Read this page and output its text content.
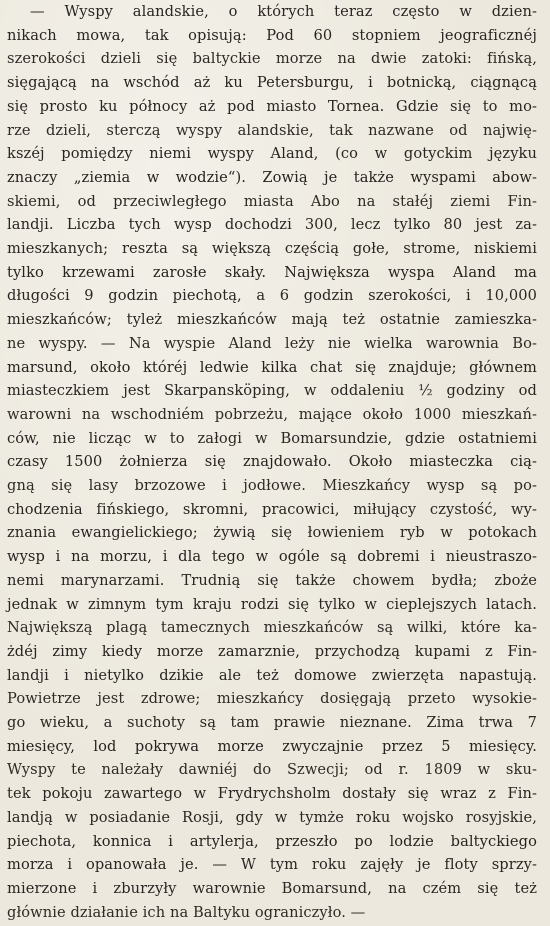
— Wyspy alandskie, o których teraz często w dzien-
nikach mowa, tak opisują: Pod 60 stopniem jeograficznéj
szerokości dzieli się baltyckie morze na dwie zatoki: fińską,
sięgającą na wschód aż ku Petersburgu, i botnicką, ciągnącą
się prosto ku północy aż pod miasto Tornea. Gdzie się to mo-
rze dzieli, sterczą wyspy alandskie, tak nazwane od najwię-
kszéj pomiędzy niemi wyspy Aland, (co w gotyckim języku
znaczy „ziemia w wodzie“). Zowią je także wyspami abow-
skiemi, od przeciwległego miasta Abo na stałéj ziemi Fin-
landji. Liczba tych wysp dochodzi 300, lecz tylko 80 jest za-
mieszkanych; reszta są większą częścią gołe, strome, niskiemi
tylko krzewami zarosłe skały. Największa wyspa Aland ma
długości 9 godzin piechotą, a 6 godzin szerokości, i 10,000
mieszkańców; tyleż mieszkańców mają też ostatnie zamieszka-
ne wyspy. — Na wyspie Aland leży nie wielka warownia Bo-
marsund, około któréj ledwie kilka chat się znajduje; głównem
miasteczkiem jest Skarpansköping, w oddaleniu ½ godziny od
warowni na wschodniém pobrzeżu, mające około 1000 mieszkań-
ców, nie licząc w to załogi w Bomarsundzie, gdzie ostatniemi
czasy 1500 żołnierza się znajdowało. Około miasteczka cią-
gną się lasy brzozowe i jodłowe. Mieszkańcy wysp są po-
chodzenia fińskiego, skromni, pracowici, miłujący czystość, wy-
znania ewangielickiego; żywią się łowieniem ryb w potokach
wysp i na morzu, i dla tego w ogóle są dobremi i nieustraszo-
nemi marynarzami. Trudnią się także chowem bydła; zboże
jednak w zimnym tym kraju rodzi się tylko w cieplejszych latach.
Największą plagą tamecznych mieszkańców są wilki, które ka-
żdéj zimy kiedy morze zamarznie, przychodzą kupami z Fin-
landji i nietylko dzikie ale też domowe zwierzęta napastują.
Powietrze jest zdrowe; mieszkańcy dosięgają przeto wysokie-
go wieku, a suchoty są tam prawie nieznane. Zima trwa 7
miesięcy, lod pokrywa morze zwyczajnie przez 5 miesięcy.
Wyspy te należały dawniéj do Szwecji; od r. 1809 w sku-
tek pokoju zawartego w Frydrychsholm dostały się wraz z Fin-
landją w posiadanie Rosji, gdy w tymże roku wojsko rosyjskie,
piechota, konnica i artylerja, przeszło po lodzie baltyckiego
morza i opanowała je. — W tym roku zajęły je floty sprzy-
mierzone i zburzyły warownie Bomarsund, na czém się też
głównie działanie ich na Baltyku ograniczyło. —
